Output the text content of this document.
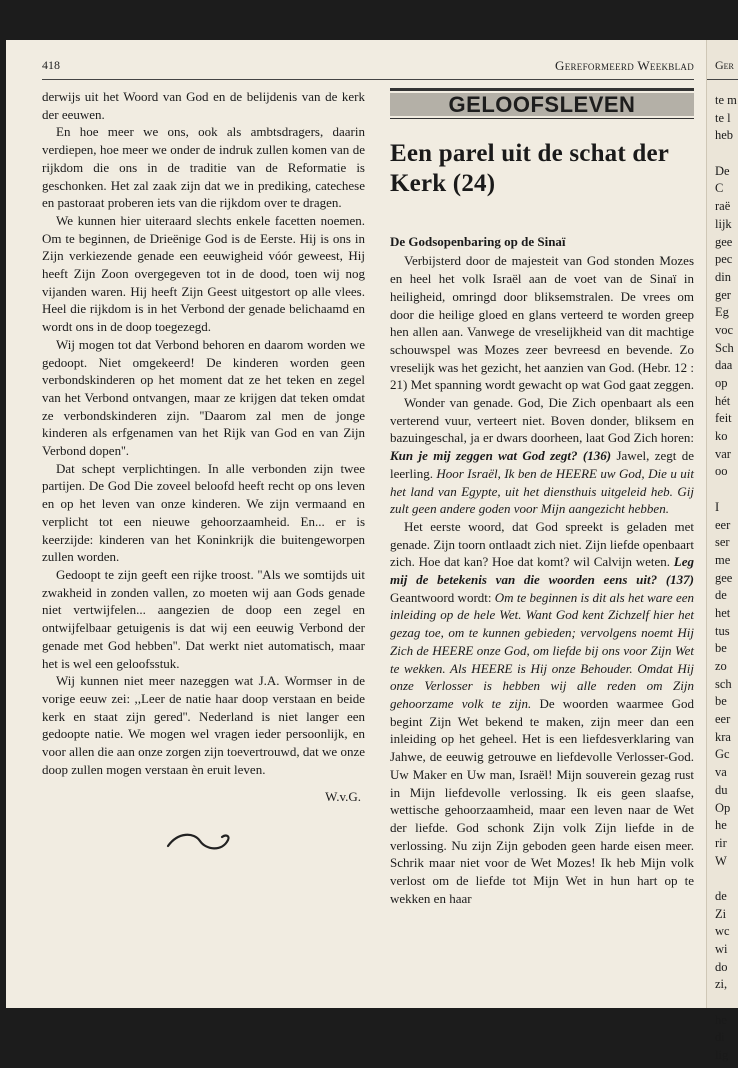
418	Gereformeerd Weekblad

derwijs uit het Woord van God en de belijdenis van de kerk der eeuwen.

En hoe meer we ons, ook als ambtsdragers, daarin verdiepen, hoe meer we onder de indruk zullen komen van de rijkdom die ons in de traditie van de Reformatie is geschonken. Het zal zaak zijn dat we in prediking, catechese en pastoraat proberen iets van die rijkdom over te dragen.

We kunnen hier uiteraard slechts enkele facetten noemen. Om te beginnen, de Drieënige God is de Eerste. Hij is ons in Zijn verkiezende genade een eeuwigheid vóór geweest, Hij heeft Zijn Zoon overgegeven tot in de dood, toen wij nog vijanden waren. Hij heeft Zijn Geest uitgestort op alle vlees. Heel die rijkdom is in het Verbond der genade belichaamd en wordt ons in de doop toegezegd.

Wij mogen tot dat Verbond behoren en daarom worden we gedoopt. Niet omgekeerd! De kinderen worden geen verbondskinderen op het moment dat ze het teken en zegel van het Verbond ontvangen, maar ze krijgen dat teken omdat ze verbondskinderen zijn. ''Daarom zal men de jonge kinderen als erfgenamen van het Rijk van God en van Zijn Verbond dopen''.

Dat schept verplichtingen. In alle verbonden zijn twee partijen. De God Die zoveel beloofd heeft recht op ons leven en op het leven van onze kinderen. We zijn vermaand en verplicht tot een nieuwe gehoorzaamheid. En... er is keerzijde: kinderen van het Koninkrijk die buitengeworpen zullen worden.

Gedoopt te zijn geeft een rijke troost. ''Als we somtijds uit zwakheid in zonden vallen, zo moeten wij aan Gods genade niet vertwijfelen... aangezien de doop een zegel en ontwijfelbaar getuigenis is dat wij een eeuwig Verbond der genade met God hebben''. Dat werkt niet automatisch, maar het is wel een geloofsstuk.

Wij kunnen niet meer nazeggen wat J.A. Wormser in de vorige eeuw zei: ,,Leer de natie haar doop verstaan en beide kerk en staat zijn gered''. Nederland is niet langer een gedoopte natie. We mogen wel vragen ieder persoonlijk, en voor allen die aan onze zorgen zijn toevertrouwd, dat we onze doop zullen mogen verstaan èn eruit leven.

W.v.G.
GELOOFSLEVEN
Een parel uit de schat der Kerk (24)
De Godsopenbaring op de Sinaï

Verbijsterd door de majesteit van God stonden Mozes en heel het volk Israël aan de voet van de Sinaï in heiligheid, omringd door bliksemstralen. De vrees om door die heilige gloed en glans verteerd te worden greep hen allen aan. Vanwege de vreselijkheid van dit machtige schouwspel was Mozes zeer bevreesd en bevende. Zo vreselijk was het gezicht, het aanzien van God. (Hebr. 12 : 21) Met spanning wordt gewacht op wat God gaat zeggen.

Wonder van genade. God, Die Zich openbaart als een verterend vuur, verteert niet. Boven donder, bliksem en bazuingeschal, ja er dwars doorheen, laat God Zich horen: Kun je mij zeggen wat God zegt? (136) Jawel, zegt de leerling. Hoor Israël, Ik ben de HEERE uw God, Die u uit het land van Egypte, uit het diensthuis uitgeleid heb. Gij zult geen andere goden voor Mijn aangezicht hebben.

Het eerste woord, dat God spreekt is geladen met genade. Zijn toorn ontlaadt zich niet. Zijn liefde openbaart zich. Hoe dat kan? Hoe dat komt? wil Calvijn weten. Leg mij de betekenis van die woorden eens uit? (137) Geantwoord wordt: Om te beginnen is dit als het ware een inleiding op de hele Wet. Want God kent Zichzelf hier het gezag toe, om te kunnen gebieden; vervolgens noemt Hij Zich de HEERE onze God, om liefde bij ons voor Zijn Wet te wekken. Als HEERE is Hij onze Behouder. Omdat Hij onze Verlosser is hebben wij alle reden om Zijn gehoorzame volk te zijn. De woorden waarmee God begint Zijn Wet bekend te maken, zijn meer dan een inleiding op het geheel. Het is een liefdesverklaring van Jahwe, de eeuwig getrouwe en liefdevolle Verlosser-God. Uw Maker en Uw man, Israël! Mijn souverein gezag rust in Mijn liefdevolle verlossing. Ik eis geen slaafse, wettische gehoorzaamheid, maar een leven naar de Wet der liefde. God schonk Zijn volk Zijn liefde in de verlossing. Nu zijn Zijn geboden geen harde eisen meer. Schrik maar niet voor de Wet Mozes! Ik heb Mijn volk verlost om de liefde tot Mijn Wet in hun hart op te wekken en haar

Ger
te m
te l
heb
De
C
raë
lijk
gee
pec
din
ger
Eg
voc
Sch
daa
op
hét
feit
ko
var
oo
I
eer
ser
me
gee
de
het
tus
be
zo
sch
be
eer
kra
Gc
va
du
Op
he
rir
W
de
Zi
wc
wi
do
zi,
he
di
lig
